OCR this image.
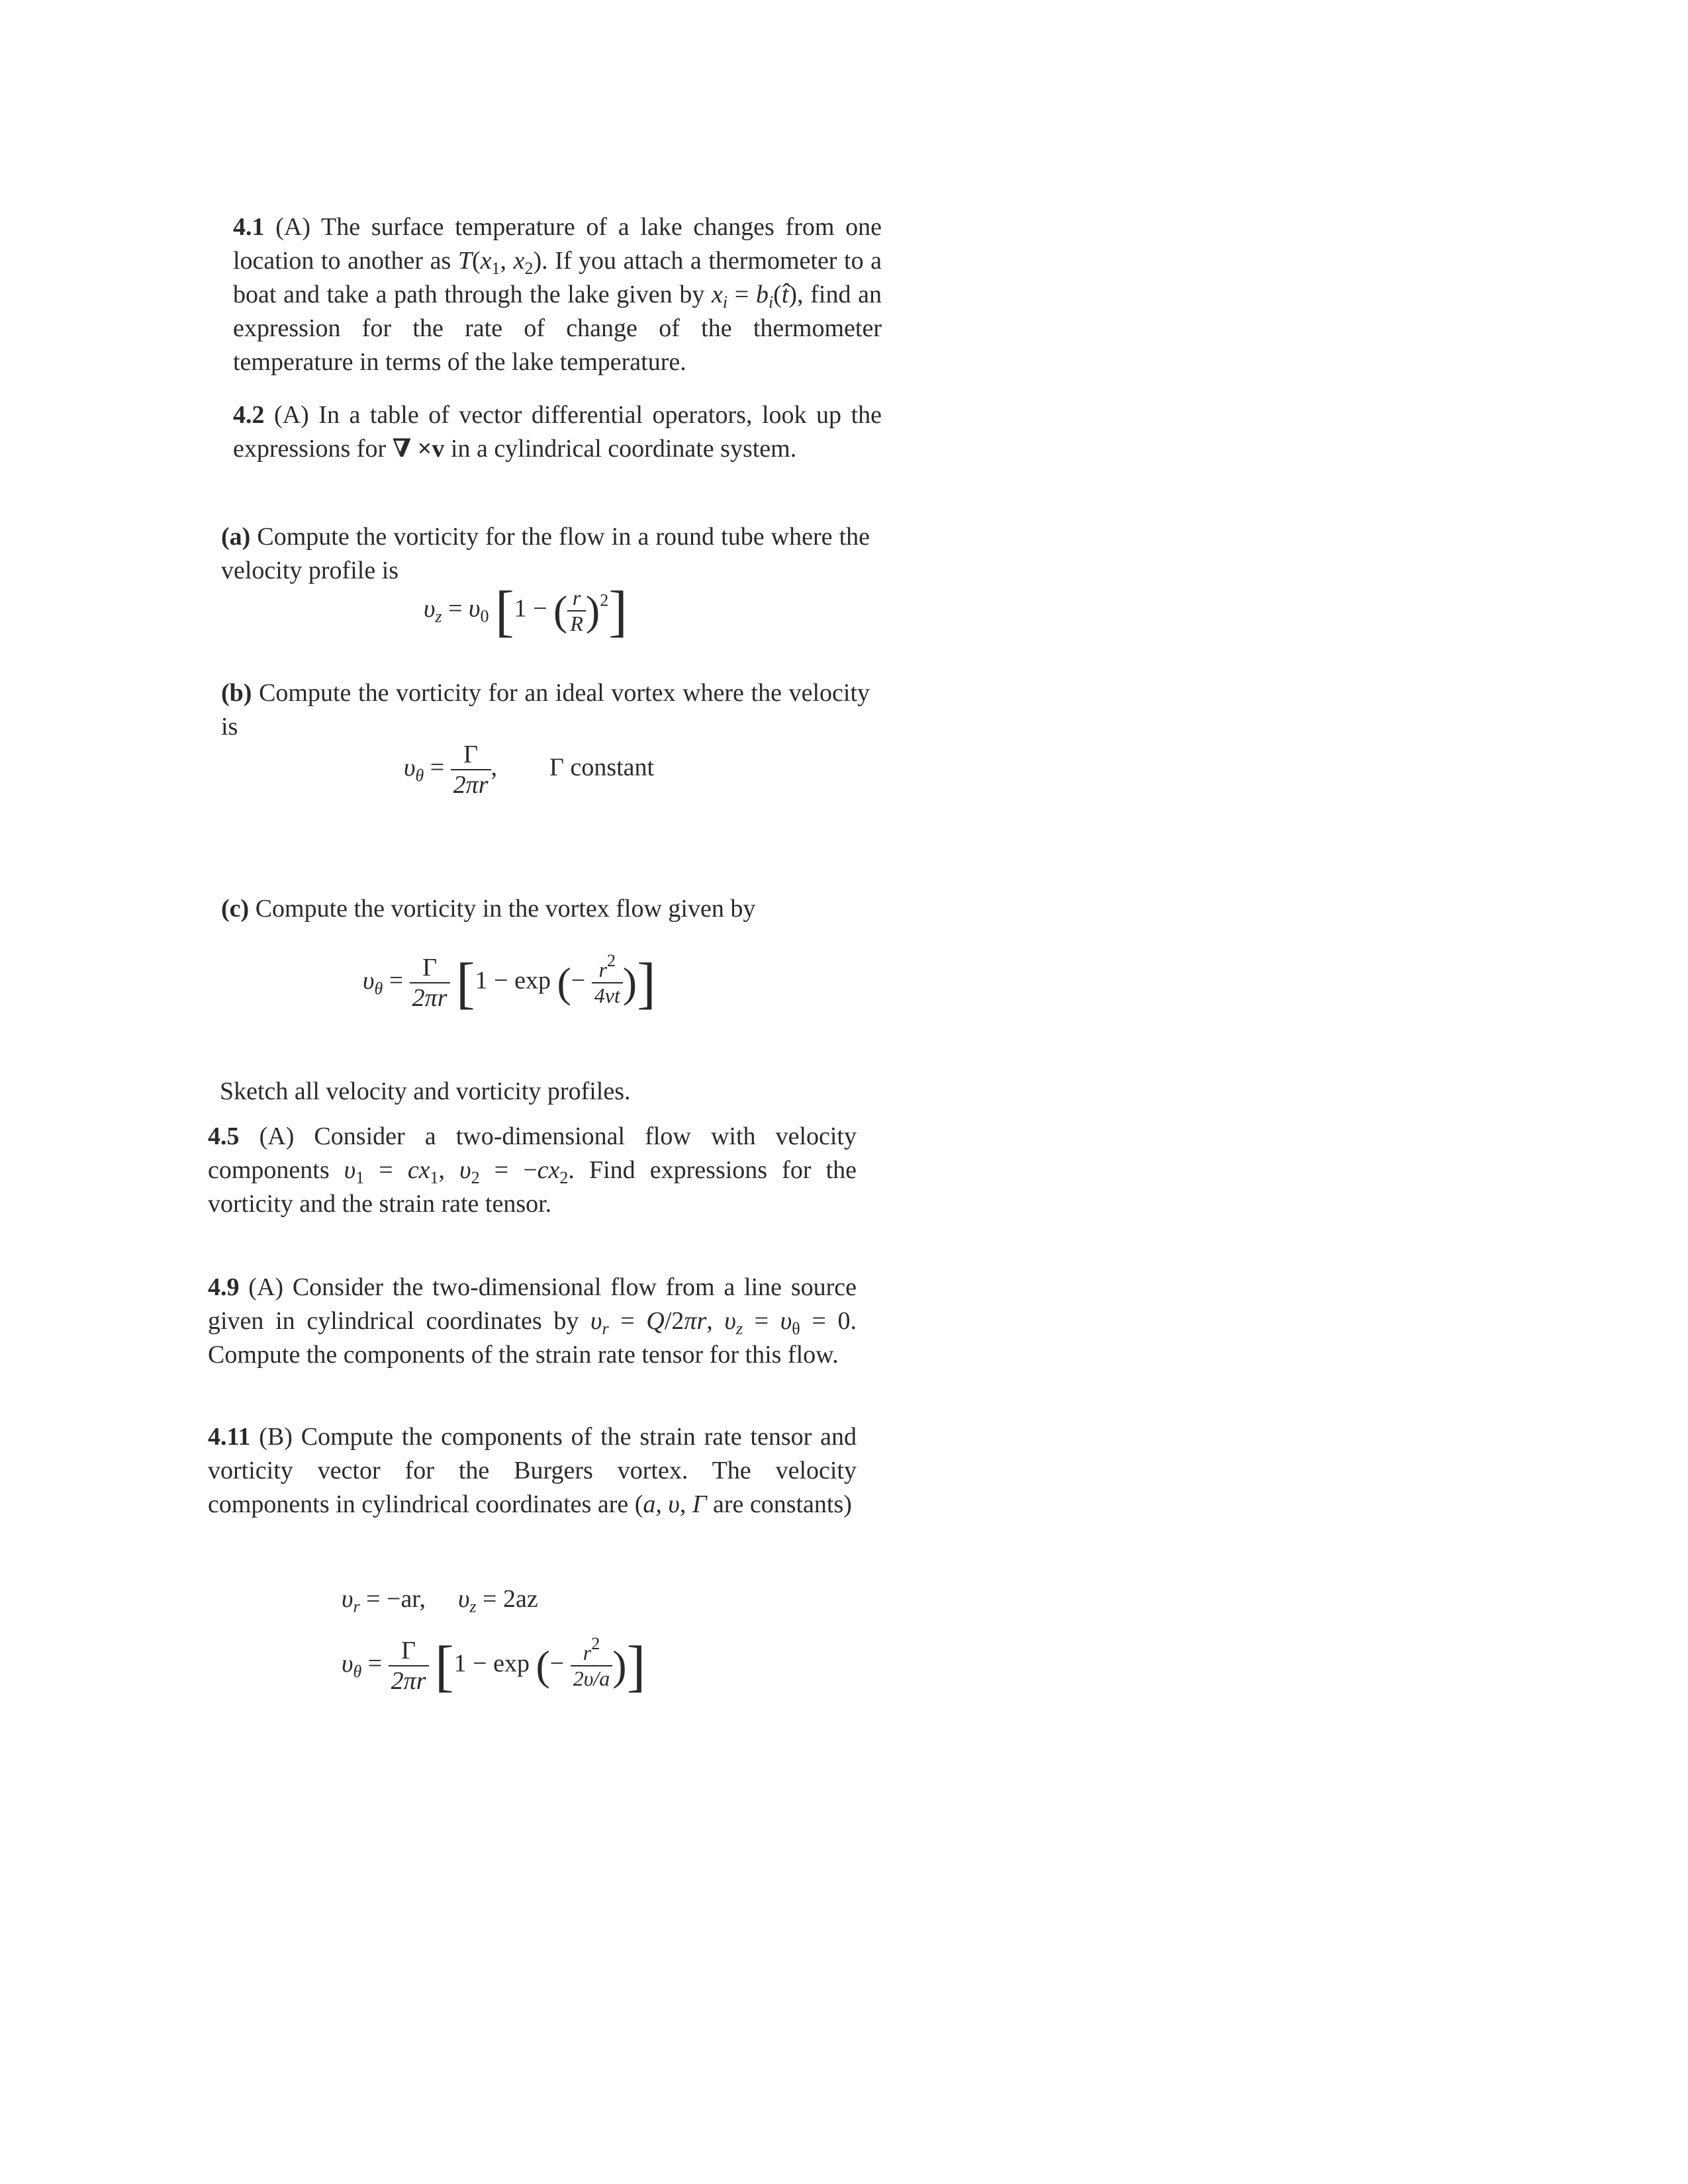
4.1 (A) The surface temperature of a lake changes from one location to another as $T(x_1$, $x_2$). If you attach a thermometer to a boat and take a path through the lake given by $x_i$ = $b_i(t̂)$, find an expression for the rate of change of the thermometer temperature in terms of the lake temperature.
4.2 (A) In a table of vector differential operators, look up the expressions for ∇ ×v in a cylindrical coordinate system.
(a) Compute the vorticity for the flow in a round tube where the velocity profile is
$\upsilon_z = \upsilon_0$ [1 − ( $\frac{r}{R} )^2$]
(b) Compute the vorticity for an ideal vortex where the velocity is
$\upsilon_\theta = \frac{\Gamma}{2\pi r}$ ,  Γ constant
(c) Compute the vorticity in the vortex flow given by
$\upsilon_\theta = \frac{\Gamma}{2\pi r} [1 - \exp$ (− $\frac{r^2}{4\nu t}$ )]
Sketch all velocity and vorticity profiles.
4.5 (A) Consider a two-dimensional flow with velocity components $\upsilon_1 = cx_1$, $\upsilon_2 = -cx_2$. Find expressions for the vorticity and the strain rate tensor.
4.9 (A) Consider the two-dimensional flow from a line source given in cylindrical coordinates by $\upsilon_r = Q/2\pi r$, $\upsilon_z = \upsilon_\theta = 0$. Compute the components of the strain rate tensor for this flow.
4.11 (B) Compute the components of the strain rate tensor and vorticity vector for the Burgers vortex. The velocity components in cylindrical coordinates are (a, υ, Γ are constants)
$\upsilon_r = -ar$, $\upsilon_z = 2az$
$\upsilon_\theta = \frac{\Gamma}{2\pi r} [1 - \exp$ (− $\frac{r^2}{2\upsilon/a}$ )]
